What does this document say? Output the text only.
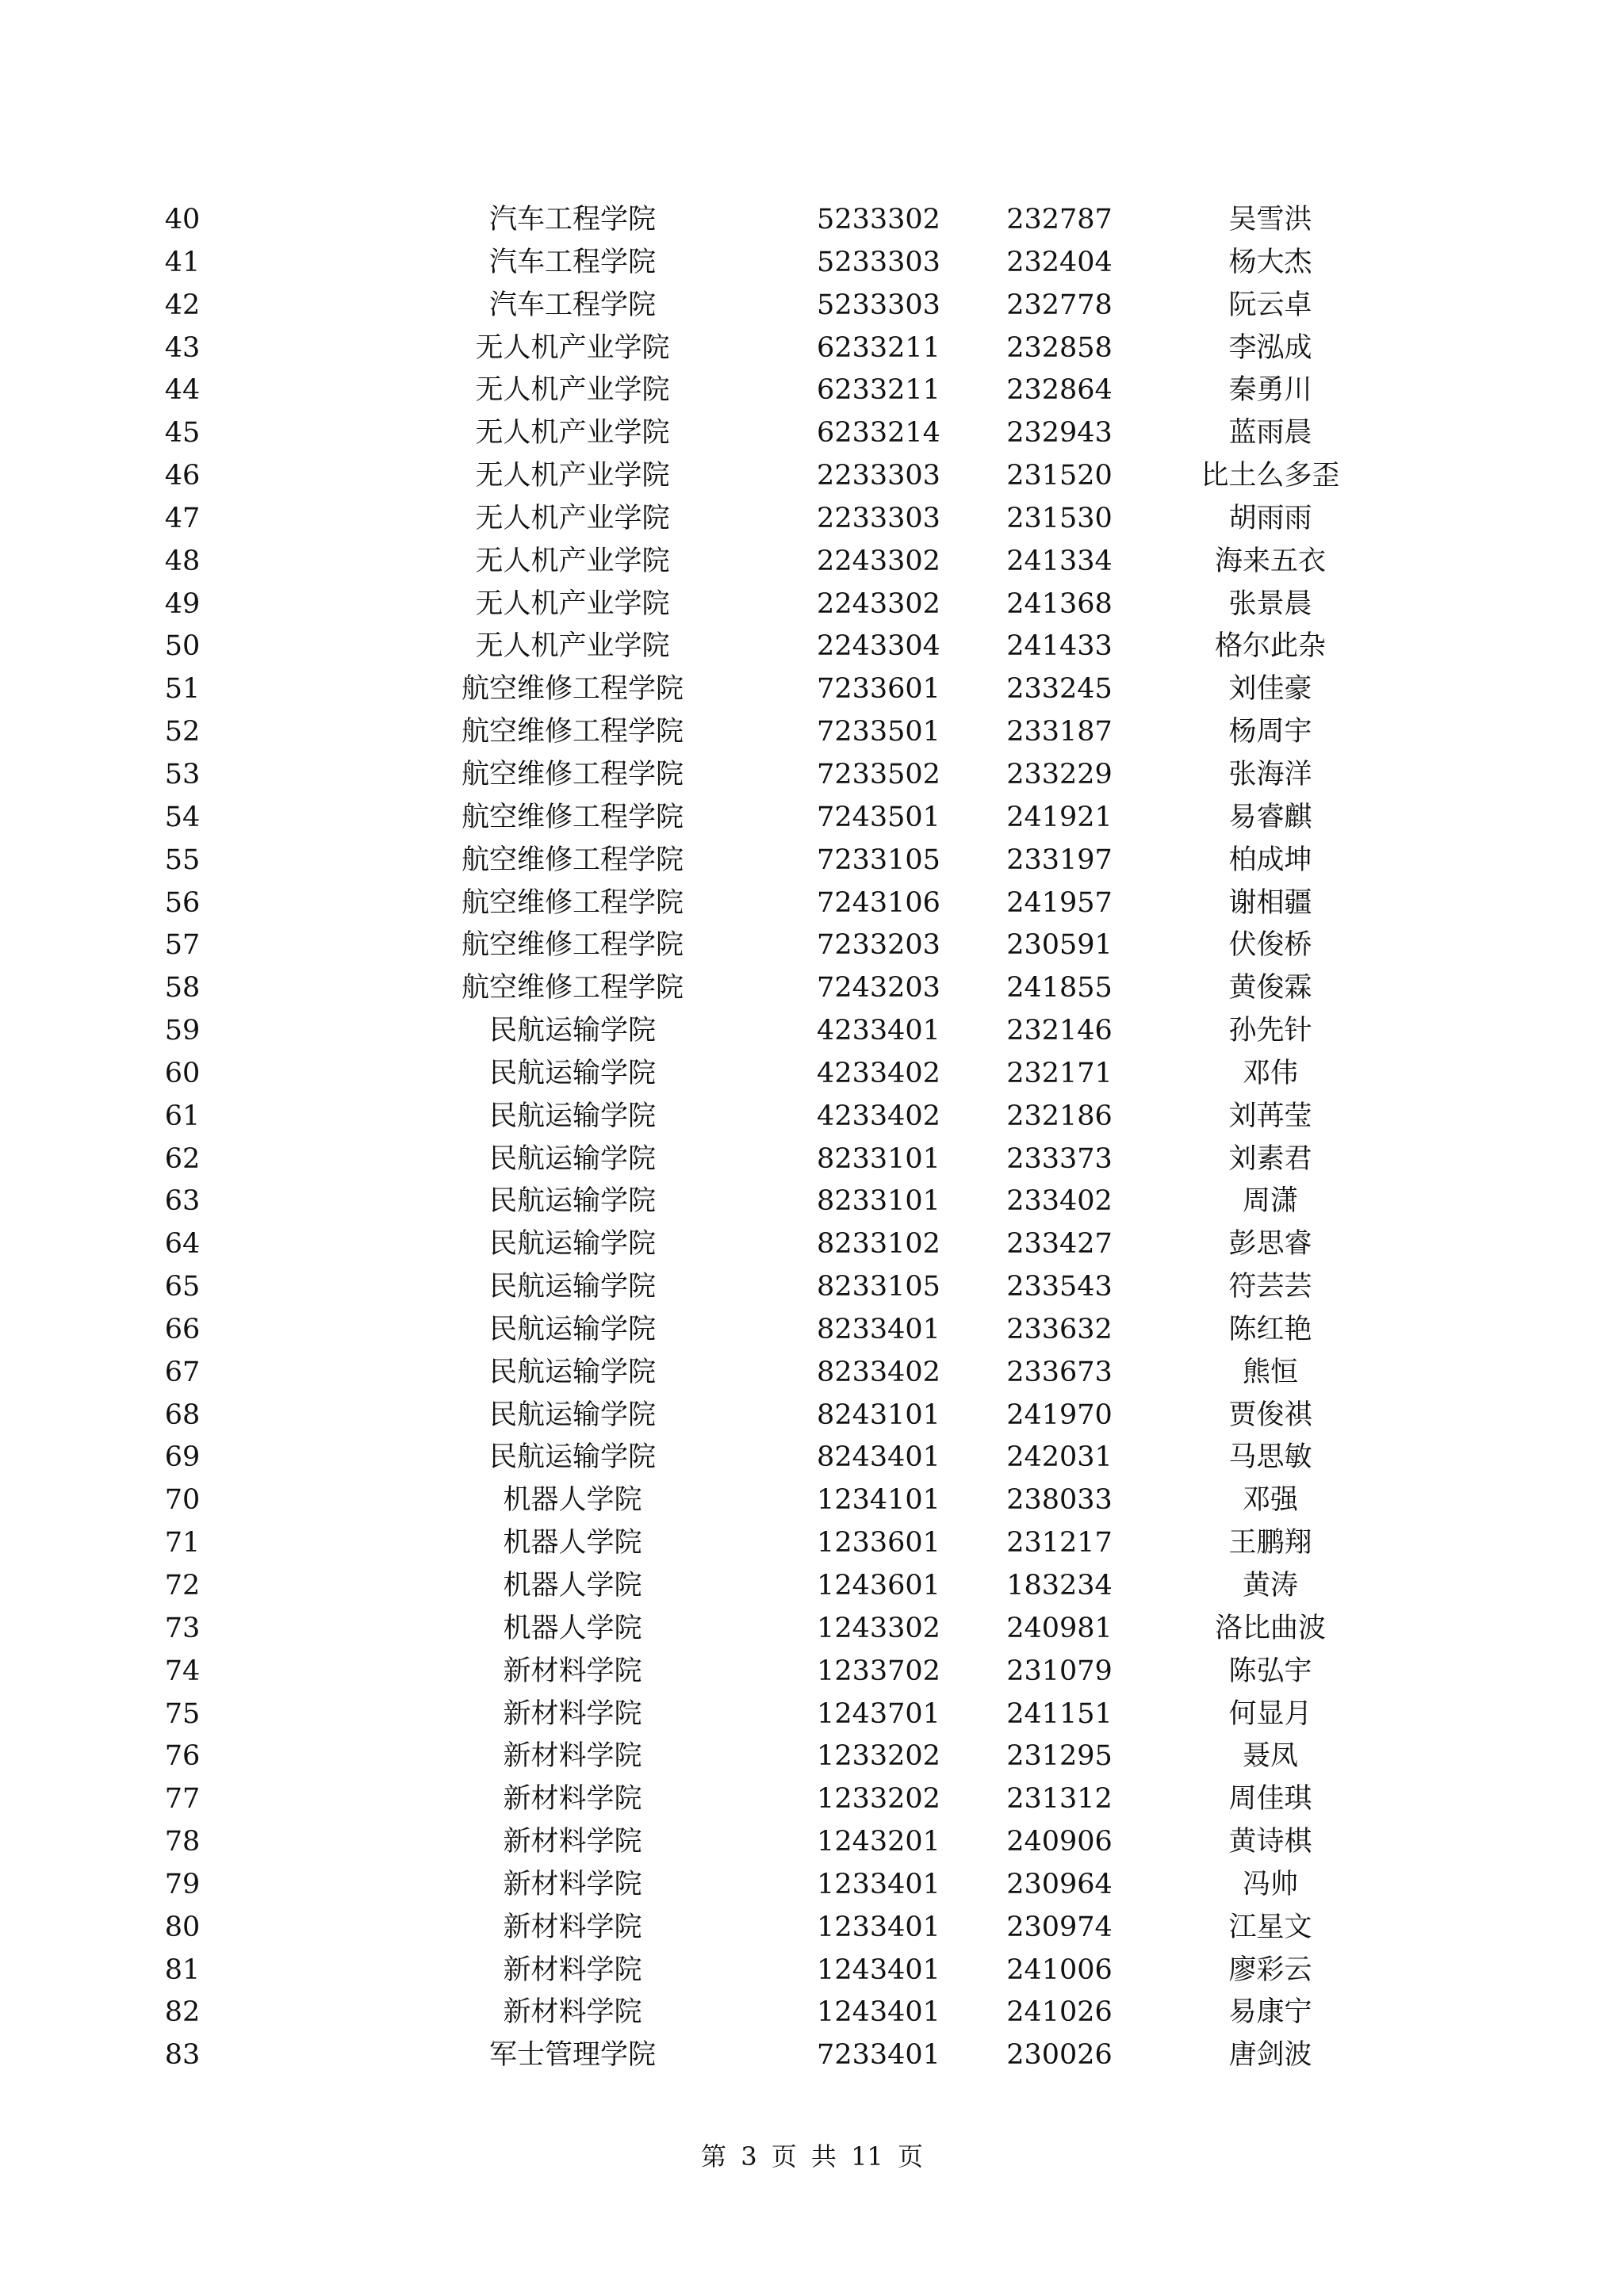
40	汽车工程学院	5233302	232787	吴雪洪
41	汽车工程学院	5233303	232404	杨大杰
42	汽车工程学院	5233303	232778	阮云卓
43	无人机产业学院	6233211	232858	李泓成
44	无人机产业学院	6233211	232864	秦勇川
45	无人机产业学院	6233214	232943	蓝雨晨
46	无人机产业学院	2233303	231520	比土么多歪
47	无人机产业学院	2233303	231530	胡雨雨
48	无人机产业学院	2243302	241334	海来五衣
49	无人机产业学院	2243302	241368	张景晨
50	无人机产业学院	2243304	241433	格尔此杂
51	航空维修工程学院	7233601	233245	刘佳豪
52	航空维修工程学院	7233501	233187	杨周宇
53	航空维修工程学院	7233502	233229	张海洋
54	航空维修工程学院	7243501	241921	易睿麒
55	航空维修工程学院	7233105	233197	柏成坤
56	航空维修工程学院	7243106	241957	谢相疆
57	航空维修工程学院	7233203	230591	伏俊桥
58	航空维修工程学院	7243203	241855	黄俊霖
59	民航运输学院	4233401	232146	孙先针
60	民航运输学院	4233402	232171	邓伟
61	民航运输学院	4233402	232186	刘苒莹
62	民航运输学院	8233101	233373	刘素君
63	民航运输学院	8233101	233402	周潇
64	民航运输学院	8233102	233427	彭思睿
65	民航运输学院	8233105	233543	符芸芸
66	民航运输学院	8233401	233632	陈红艳
67	民航运输学院	8233402	233673	熊恒
68	民航运输学院	8243101	241970	贾俊祺
69	民航运输学院	8243401	242031	马思敏
70	机器人学院	1234101	238033	邓强
71	机器人学院	1233601	231217	王鹏翔
72	机器人学院	1243601	183234	黄涛
73	机器人学院	1243302	240981	洛比曲波
74	新材料学院	1233702	231079	陈弘宇
75	新材料学院	1243701	241151	何显月
76	新材料学院	1233202	231295	聂凤
77	新材料学院	1233202	231312	周佳琪
78	新材料学院	1243201	240906	黄诗棋
79	新材料学院	1233401	230964	冯帅
80	新材料学院	1233401	230974	江星文
81	新材料学院	1243401	241006	廖彩云
82	新材料学院	1243401	241026	易康宁
83	军士管理学院	7233401	230026	唐剑波
第 3 页 共 11 页
